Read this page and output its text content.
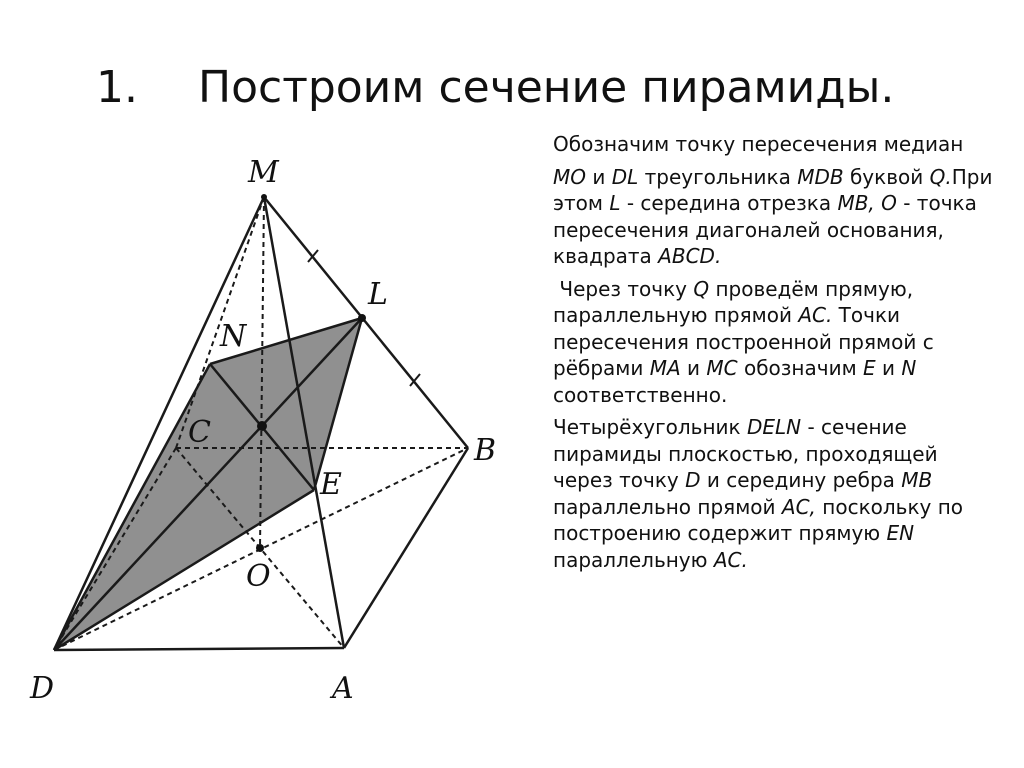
1. Построим сечение пирамиды.
M
L
N
C
B
E
O
D	A

Обозначим точку пересечения медиан

MO и DL треугольника MDB буквой Q.При этом L - середина отрезка MB, O - точка пересечения диагоналей основания, квадрата ABCD.

Через точку Q проведём прямую, параллельную прямой AC. Точки пересечения построенной прямой с рёбрами MA и MC обозначим E и N соответственно.

Четырёхугольник DELN - сечение пирамиды плоскостью, проходящей через точку D и середину ребра MB параллельно прямой AC, поскольку по построению содержит прямую EN параллельную AC.
